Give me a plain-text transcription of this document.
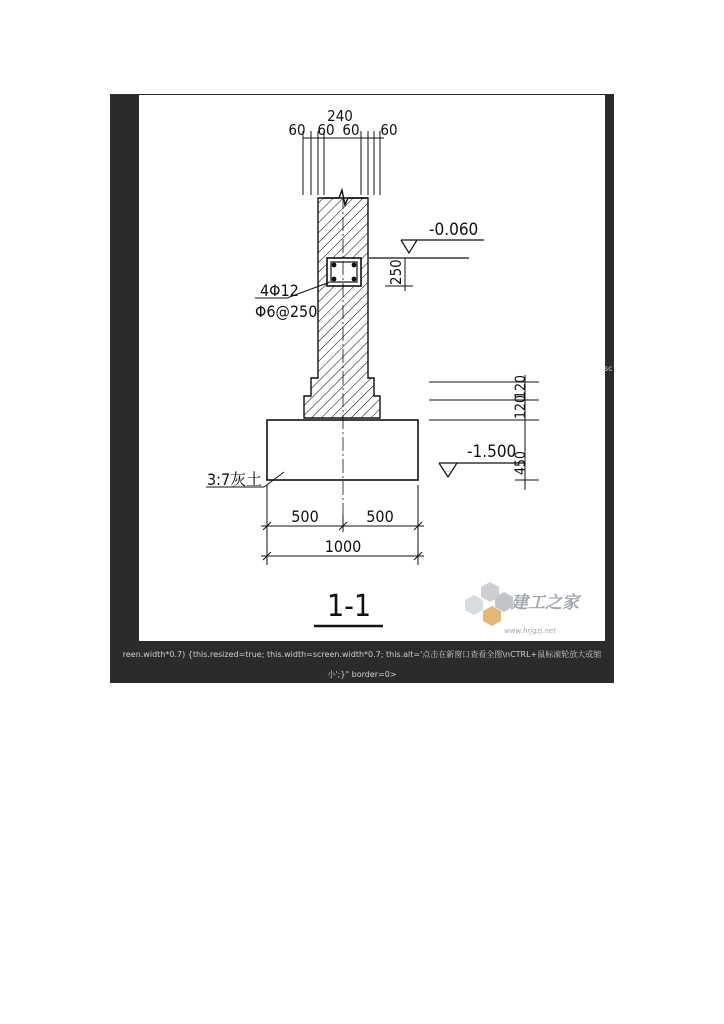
240
60 60 60 60
-0.060
250
4Φ12
Φ6@250
120
120
450
-1.500
3:7灰土
500	500
1000
1-1	建工之家
www.hrjgzj.net
sc
reen.width*0.7) {this.resized=true; this.width=screen.width*0.7; this.alt='点击在新窗口查看全图\nCTRL+鼠标滚轮放大或缩
小';}" border=0>
